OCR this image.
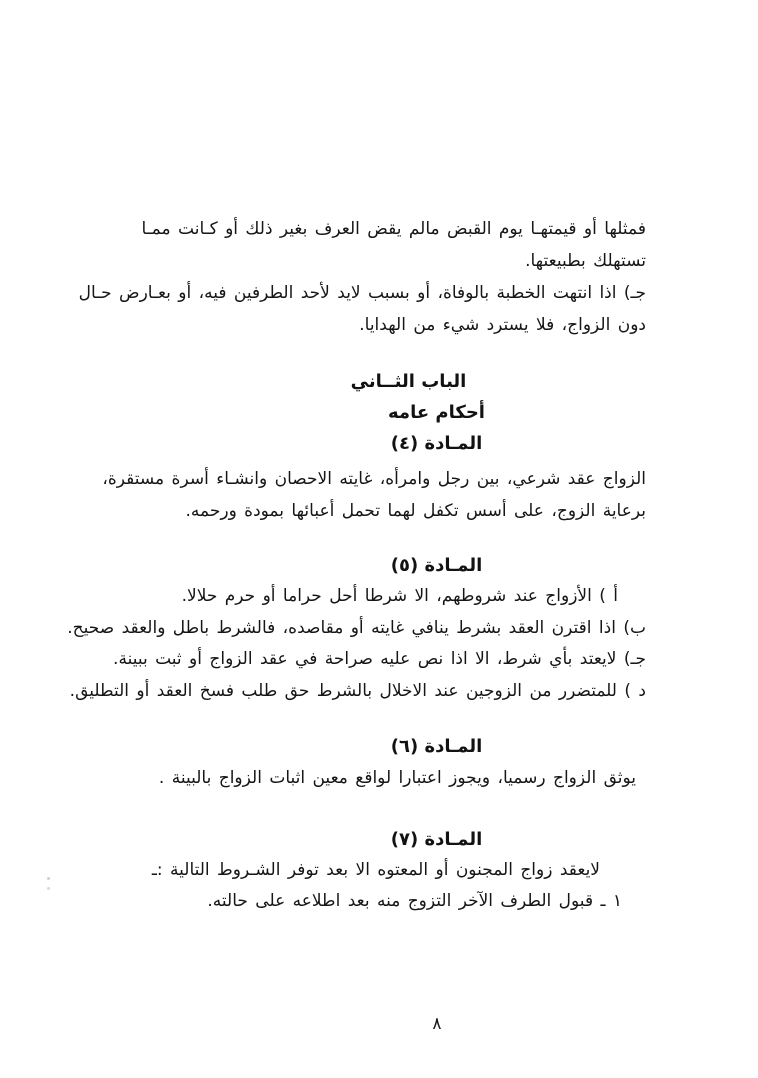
فمثلها أو قيمتهـا يوم القبض مالم يقض العرف بغير ذلك أو كـانت ممـا
تستهلك بطبيعتها.
جـ) اذا انتهت الخطبة بالوفاة، أو بسبب لايد لأحد الطرفين فيه، أو بعـارض حـال
دون الزواج، فلا يسترد شيء من الهدايا.
الباب الثــاني
أحكام عامه
المـادة (٤)
الزواج عقد شرعي، بين رجل وامرأه، غايته الاحصان وانشـاء أسرة مستقرة،
برعاية الزوج، على أسس تكفل لهما تحمل أعبائها بمودة ورحمه.
المـادة (٥)
أ ) الأزواج عند شروطهم، الا شرطا أحل حراما أو حرم حلالا.
ب) اذا اقترن العقد بشرط ينافي غايته أو مقاصده، فالشرط باطل والعقد صحيح.
جـ) لايعتد بأي شرط، الا اذا نص عليه صراحة في عقد الزواج أو ثبت ببينة.
د ) للمتضرر من الزوجين عند الاخلال بالشرط حق طلب فسخ العقد أو التطليق.
المـادة (٦)
يوثق الزواج رسميا، ويجوز اعتبارا لواقع معين اثبات الزواج بالبينة .
المـادة (٧)
لايعقد زواج المجنون أو المعتوه الا بعد توفر الشـروط التالية :ـ
١ ـ قبول الطرف الآخر التزوج منه بعد اطلاعه على حالته.
٨
